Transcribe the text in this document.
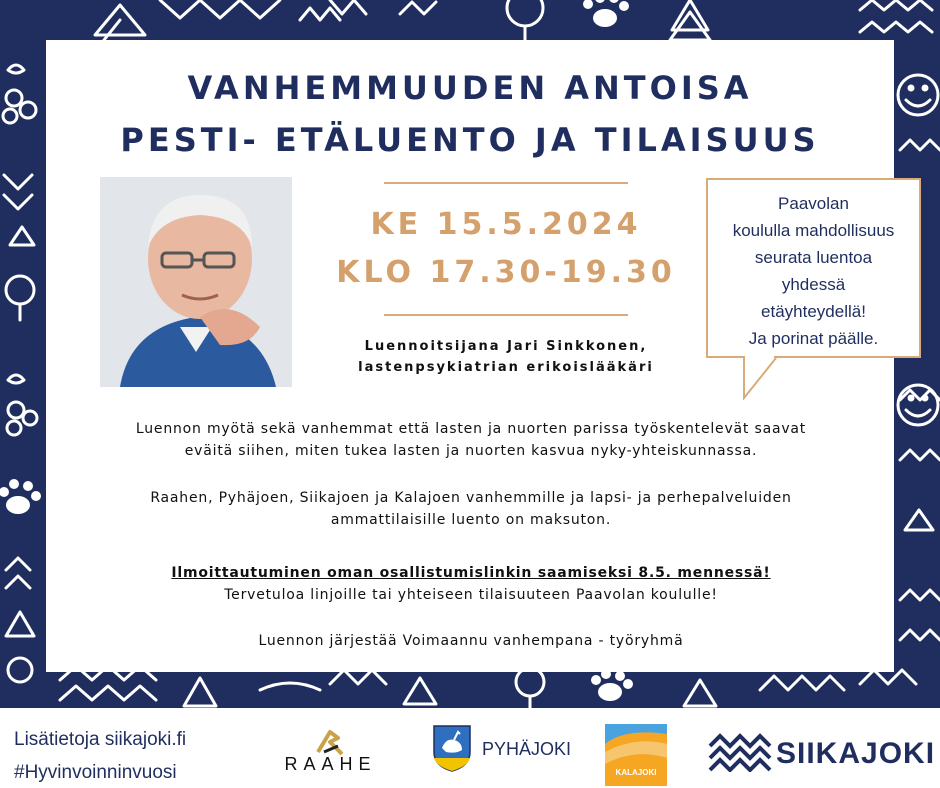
VANHEMMUUDEN ANTOISA
PESTI- ETÄLUENTO JA TILAISUUS
KE 15.5.2024
KLO 17.30-19.30
Luennoitsijana Jari Sinkkonen,
lastenpsykiatrian erikoislääkäri
Paavolan
koululla mahdollisuus
seurata luentoa
yhdessä
etäyhteydellä!
Ja porinat päälle.
Luennon myötä sekä vanhemmat että lasten ja nuorten parissa työskentelevät saavat
eväitä siihen, miten tukea lasten ja nuorten kasvua nyky-yhteiskunnassa.
Raahen, Pyhäjoen, Siikajoen ja Kalajoen vanhemmille ja lapsi- ja perhepalveluiden
ammattilaisille luento on maksuton.
Ilmoittautuminen oman osallistumislinkin saamiseksi 8.5. mennessä!
Tervetuloa linjoille tai yhteiseen tilaisuuteen Paavolan koululle!
Luennon järjestää Voimaannu vanhempana - työryhmä
Lisätietoja siikajoki.fi
#Hyvinvoinninvuosi	RAAHE
PYHÄJOKI
KALAJOKI
SIIKAJOKI
